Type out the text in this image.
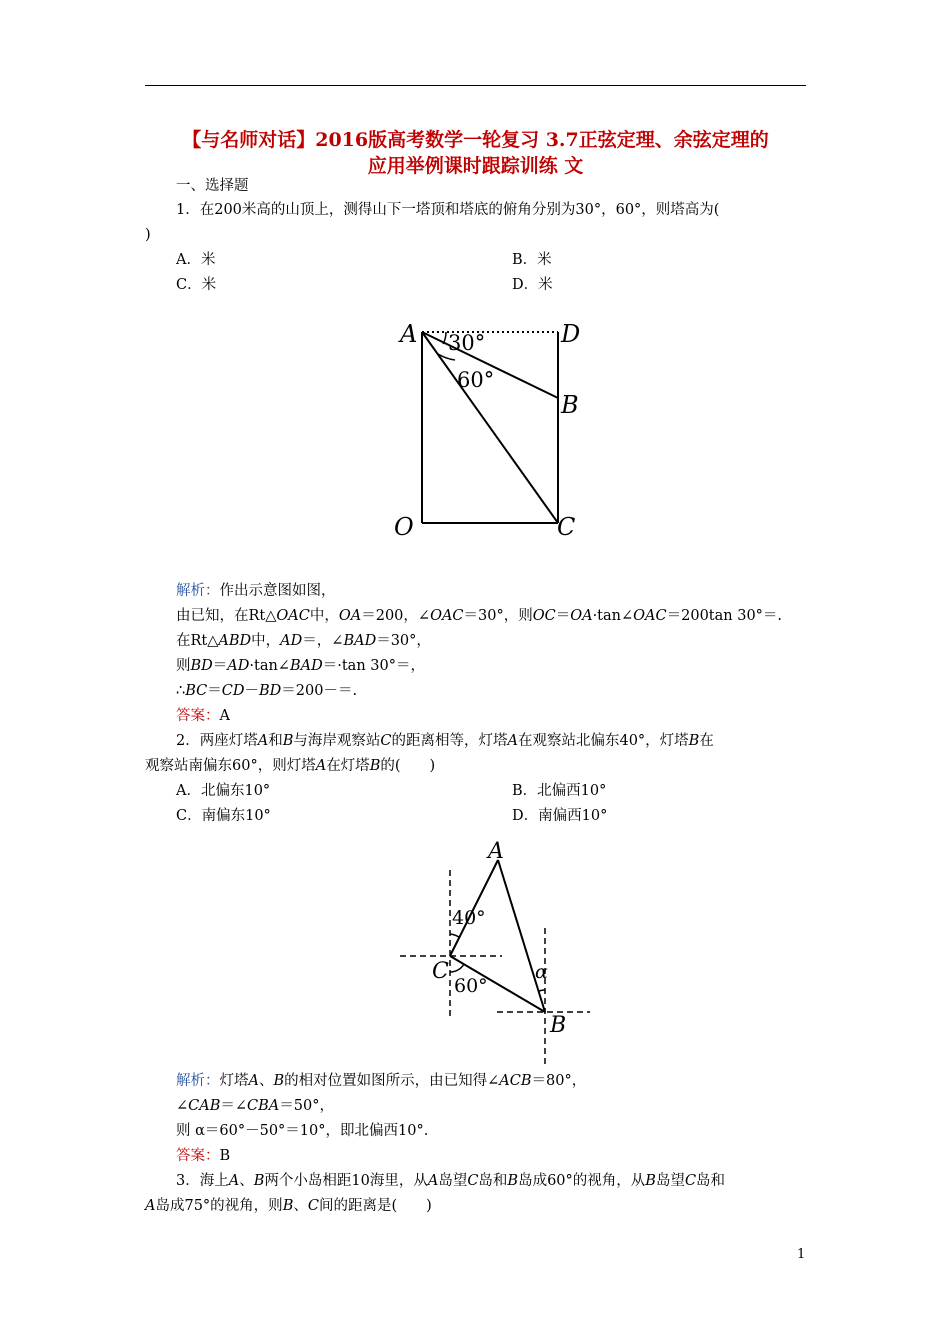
【与名师对话】2016版高考数学一轮复习 3.7正弦定理、余弦定理的
应用举例课时跟踪训练 文
一、选择题
1．在200米高的山顶上，测得山下一塔顶和塔底的俯角分别为30°，60°，则塔高为(
)
A．米	B．米
C．米	D．米
A	D
B
O	C
30°
60°
解析：作出示意图如图，
由已知，在Rt△OAC中，OA＝200，∠OAC＝30°，则OC＝OA·tan∠OAC＝200tan 30°＝.
在Rt△ABD中，AD＝，∠BAD＝30°，
则BD＝AD·tan∠BAD＝·tan 30°＝，
∴BC＝CD－BD＝200－＝.
答案：A
2．两座灯塔A和B与海岸观察站C的距离相等，灯塔A在观察站北偏东40°，灯塔B在
观察站南偏东60°，则灯塔A在灯塔B的(　　)
A．北偏东10°	B．北偏西10°
C．南偏东10°	D．南偏西10°
A
C
B
40°
60°
α
解析：灯塔A、B的相对位置如图所示，由已知得∠ACB＝80°，
∠CAB＝∠CBA＝50°，
则 α＝60°－50°＝10°，即北偏西10°.
答案：B
3．海上A、B两个小岛相距10海里，从A岛望C岛和B岛成60°的视角，从B岛望C岛和
A岛成75°的视角，则B、C间的距离是(　　)
1
